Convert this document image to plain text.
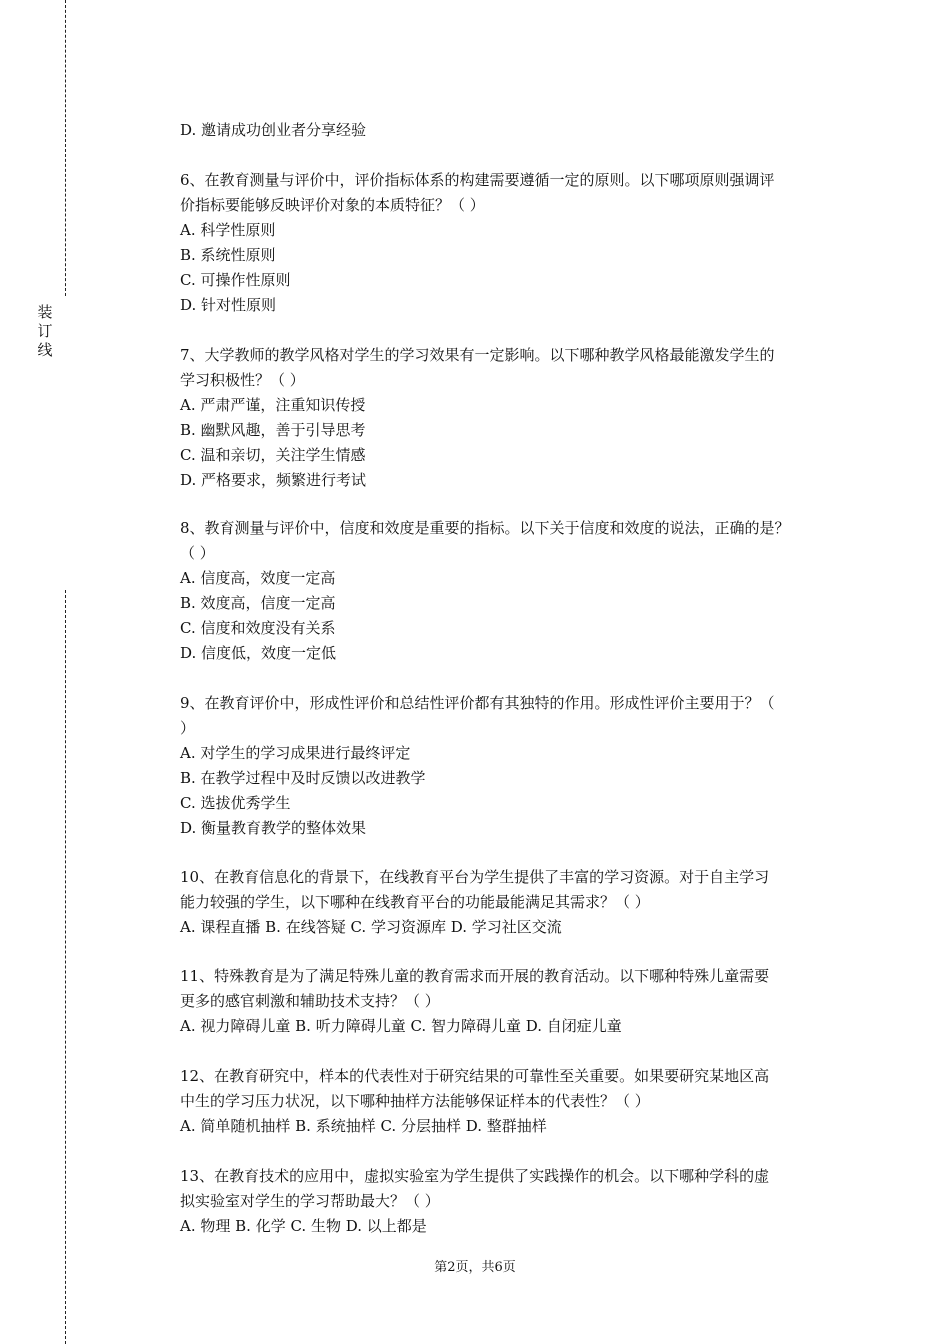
装
订
线
D. 邀请成功创业者分享经验
6、在教育测量与评价中，评价指标体系的构建需要遵循一定的原则。以下哪项原则强调评
价指标要能够反映评价对象的本质特征？（ ）
A. 科学性原则
B. 系统性原则
C. 可操作性原则
D. 针对性原则
7、大学教师的教学风格对学生的学习效果有一定影响。以下哪种教学风格最能激发学生的
学习积极性？（ ）
A. 严肃严谨，注重知识传授
B. 幽默风趣，善于引导思考
C. 温和亲切，关注学生情感
D. 严格要求，频繁进行考试
8、教育测量与评价中，信度和效度是重要的指标。以下关于信度和效度的说法，正确的是？
（ ）
A. 信度高，效度一定高
B. 效度高，信度一定高
C. 信度和效度没有关系
D. 信度低，效度一定低
9、在教育评价中，形成性评价和总结性评价都有其独特的作用。形成性评价主要用于？（
）
A. 对学生的学习成果进行最终评定
B. 在教学过程中及时反馈以改进教学
C. 选拔优秀学生
D. 衡量教育教学的整体效果
10、在教育信息化的背景下，在线教育平台为学生提供了丰富的学习资源。对于自主学习
能力较强的学生，以下哪种在线教育平台的功能最能满足其需求？（ ）
A. 课程直播 B. 在线答疑 C. 学习资源库 D. 学习社区交流
11、特殊教育是为了满足特殊儿童的教育需求而开展的教育活动。以下哪种特殊儿童需要
更多的感官刺激和辅助技术支持？（ ）
A. 视力障碍儿童 B. 听力障碍儿童 C. 智力障碍儿童 D. 自闭症儿童
12、在教育研究中，样本的代表性对于研究结果的可靠性至关重要。如果要研究某地区高
中生的学习压力状况，以下哪种抽样方法能够保证样本的代表性？（ ）
A. 简单随机抽样 B. 系统抽样 C. 分层抽样 D. 整群抽样
13、在教育技术的应用中，虚拟实验室为学生提供了实践操作的机会。以下哪种学科的虚
拟实验室对学生的学习帮助最大？（ ）
A. 物理 B. 化学 C. 生物 D. 以上都是
第2页，共6页
